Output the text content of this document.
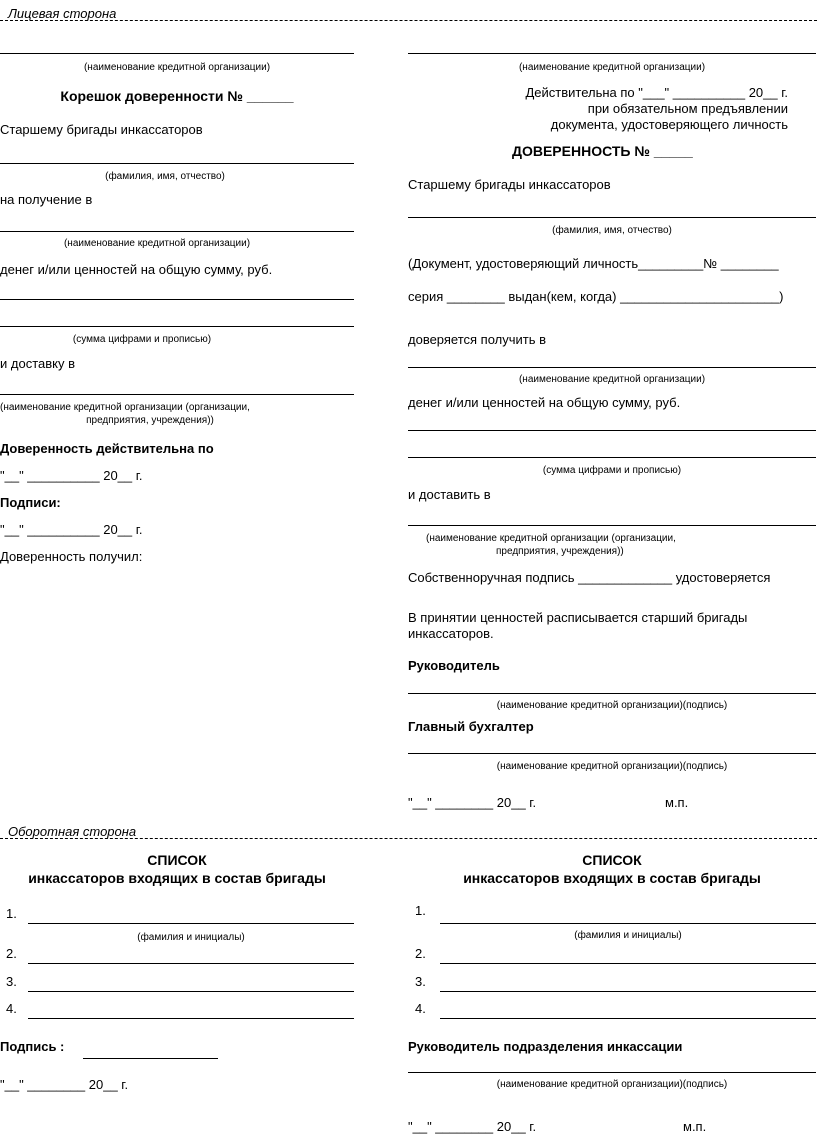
Лицевая сторона
(наименование кредитной организации)
Корешок доверенности № ______
Старшему бригады инкассаторов
(фамилия, имя, отчество)
на получение в
(наименование кредитной организации)
денег и/или ценностей на общую сумму, руб.
(сумма цифрами и прописью)
и доставку в
(наименование кредитной организации (организации,
предприятия, учреждения))
Доверенность действительна по
"__" __________ 20__ г.
Подписи:
"__" __________ 20__ г.
Доверенность получил:
(наименование кредитной организации)
Действительна по "___" __________ 20__ г.
при обязательном предъявлении
документа, удостоверяющего личность
ДОВЕРЕННОСТЬ № _____
Старшему бригады инкассаторов
(фамилия, имя, отчество)
(Документ, удостоверяющий личность_________№ ________
серия ________ выдан(кем, когда) ______________________)
доверяется получить в
(наименование кредитной организации)
денег и/или ценностей на общую сумму, руб.
(сумма цифрами и прописью)
и доставить в
(наименование кредитной организации (организации,
предприятия, учреждения))
Собственноручная подпись _____________ удостоверяется
В принятии ценностей расписывается старший бригады
инкассаторов.
Руководитель
(наименование кредитной организации)(подпись)
Главный бухгалтер
(наименование кредитной организации)(подпись)
"__" ________ 20__ г.	м.п.
Оборотная сторона
СПИСОК
инкассаторов входящих в состав бригады
1.
(фамилия и инициалы)
2.
3.
4.
Подпись :
"__" ________ 20__ г.
СПИСОК
инкассаторов входящих в состав бригады
1.
(фамилия и инициалы)
2.
3.
4.
Руководитель подразделения инкассации
(наименование кредитной организации)(подпись)
"__" ________ 20__ г.	м.п.
